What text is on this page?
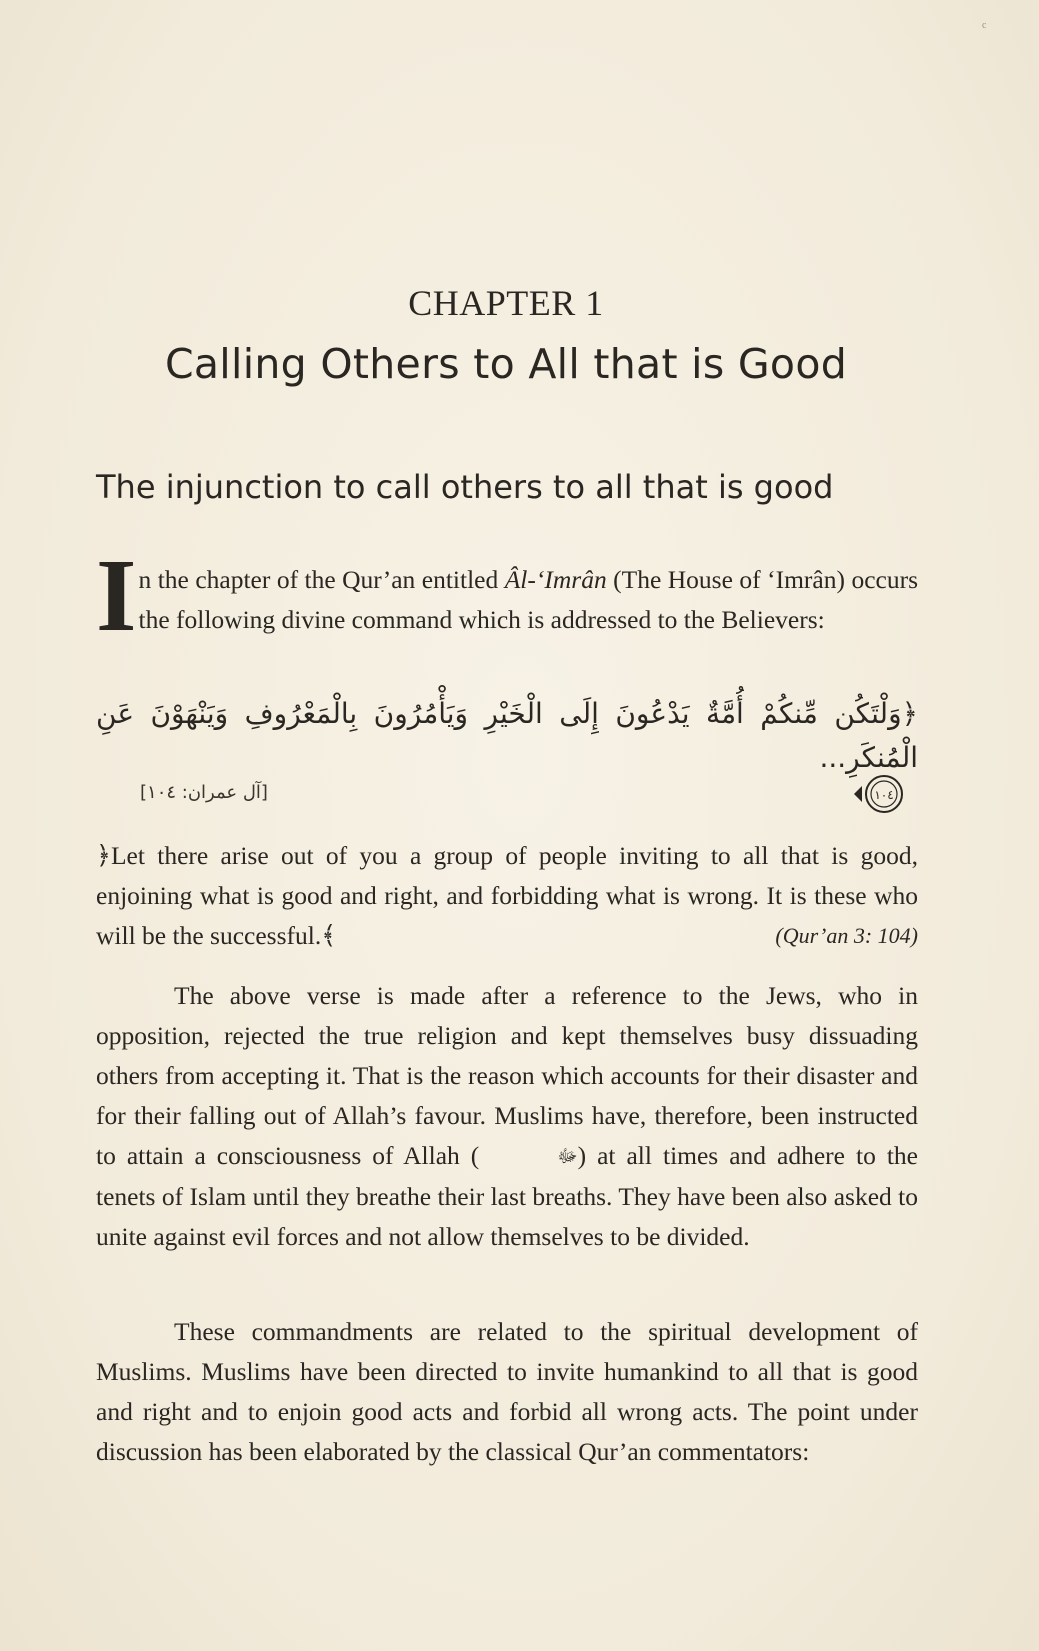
c
CHAPTER 1
Calling Others to All that is Good
The injunction to call others to all that is good
In the chapter of the Qur’an entitled Âl-‘Imrân (The House of ‘Imrân) occurs the following divine command which is addressed to the Believers:
﴿وَلْتَكُن مِّنكُمْ أُمَّةٌ يَدْعُونَ إِلَى الْخَيْرِ وَيَأْمُرُونَ بِالْمَعْرُوفِ وَيَنْهَوْنَ عَنِ الْمُنكَرِ...
[آل عمران: ١٠٤]	١٠٤
﴿Let there arise out of you a group of people inviting to all that is good, enjoining what is good and right, and forbidding what is wrong. It is these who will be the successful.﴾	(Qur’an 3: 104)
The above verse is made after a reference to the Jews, who in opposition, rejected the true religion and kept themselves busy dissuading others from accepting it. That is the reason which accounts for their disaster and for their falling out of Allah’s favour. Muslims have, therefore, been instructed to attain a consciousness of Allah (	ﷻ) at all times and adhere to the tenets of Islam until they breathe their last breaths. They have been also asked to unite against evil forces and not allow themselves to be divided.
These commandments are related to the spiritual development of Muslims. Muslims have been directed to invite humankind to all that is good and right and to enjoin good acts and forbid all wrong acts. The point under discussion has been elaborated by the classical Qur’an commentators:
